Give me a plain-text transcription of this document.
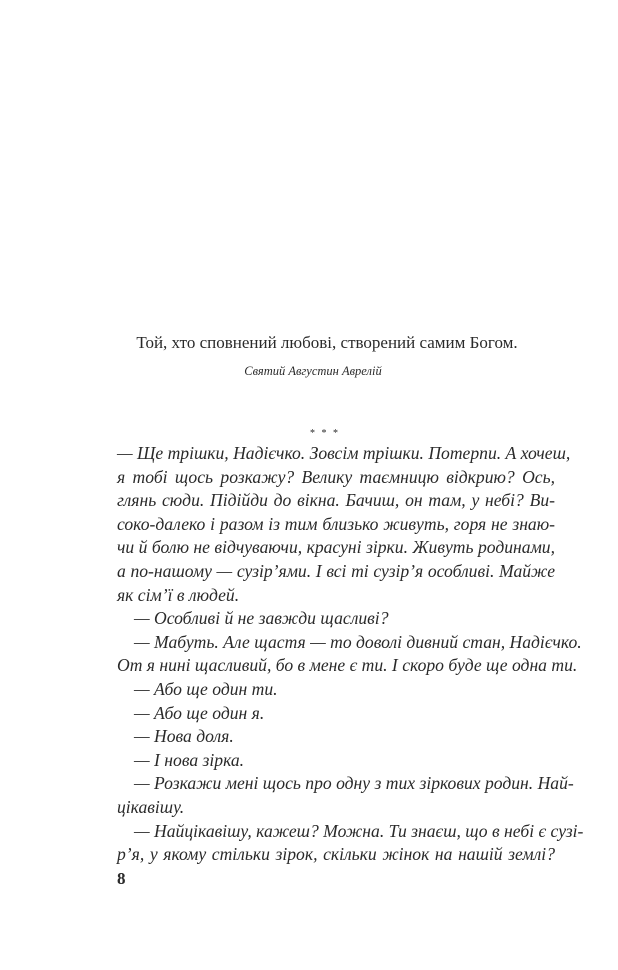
Той, хто сповнений любові, створений самим Богом.

Святий Августин Аврелій
* * *
— Ще трішки, Надієчко. Зовсім трішки. Потерпи. А хочеш,
я тобі щось розкажу? Велику таємницю відкрию? Ось,
глянь сюди. Підійди до вікна. Бачиш, он там, у небі? Ви-
соко-далеко і разом із тим близько живуть, горя не знаю-
чи й болю не відчуваючи, красуні зірки. Живуть родинами,
а по-нашому — сузір’ями. І всі ті сузір’я особливі. Майже
як сім’ї в людей.
— Особливі й не завжди щасливі?
— Мабуть. Але щастя — то доволі дивний стан, Надієчко.
От я нині щасливий, бо в мене є ти. І скоро буде ще одна ти.
— Або ще один ти.
— Або ще один я.
— Нова доля.
— І нова зірка.
— Розкажи мені щось про одну з тих зіркових родин. Най-
цікавішу.
— Найцікавішу, кажеш? Можна. Ти знаєш, що в небі є сузі-
р’я, у якому стільки зірок, скільки жінок на нашій землі?
8
